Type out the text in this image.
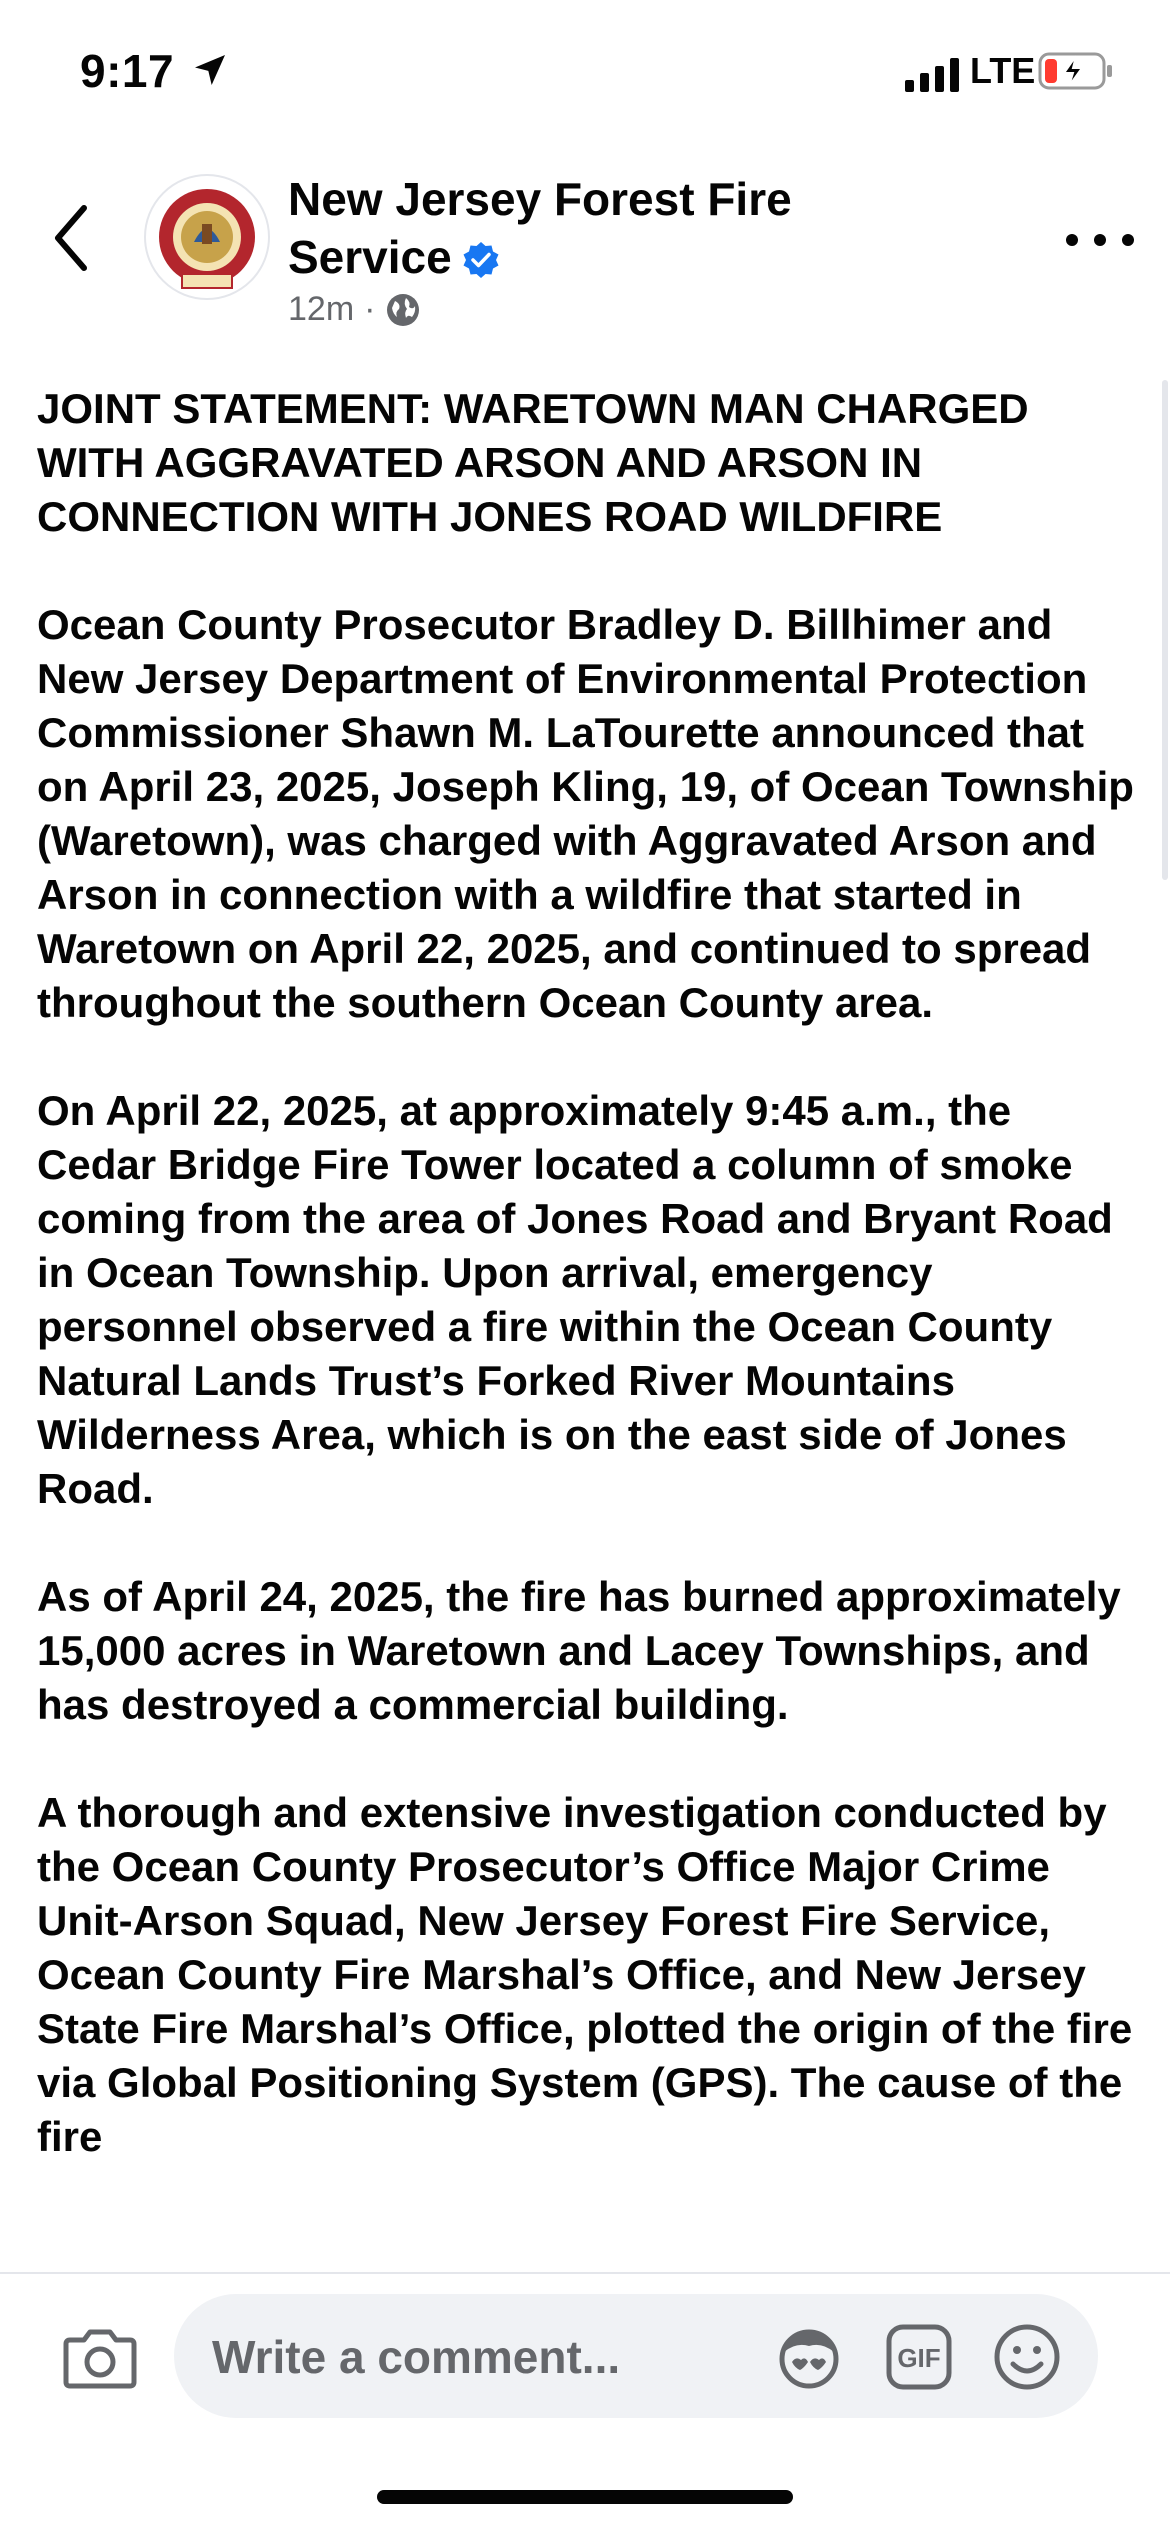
9:17	LTE
New Jersey Forest Fire Service
12m ·

JOINT STATEMENT: WARETOWN MAN CHARGED WITH AGGRAVATED ARSON AND ARSON IN CONNECTION WITH JONES ROAD WILDFIRE

Ocean County Prosecutor Bradley D. Billhimer and New Jersey Department of Environmental Protection Commissioner Shawn M. LaTourette announced that on April 23, 2025, Joseph Kling, 19, of Ocean Township (Waretown), was charged with Aggravated Arson and Arson in connection with a wildfire that started in Waretown on April 22, 2025, and continued to spread throughout the southern Ocean County area.

On April 22, 2025, at approximately 9:45 a.m., the Cedar Bridge Fire Tower located a column of smoke coming from the area of Jones Road and Bryant Road in Ocean Township. Upon arrival, emergency personnel observed a fire within the Ocean County Natural Lands Trust’s Forked River Mountains Wilderness Area, which is on the east side of Jones Road.

As of April 24, 2025, the fire has burned approximately 15,000 acres in Waretown and Lacey Townships, and has destroyed a commercial building.

A thorough and extensive investigation conducted by the Ocean County Prosecutor’s Office Major Crime Unit-Arson Squad, New Jersey Forest Fire Service, Ocean County Fire Marshal’s Office, and New Jersey State Fire Marshal’s Office, plotted the origin of the fire via Global Positioning System (GPS). The cause of the fire

Write a comment...	GIF
